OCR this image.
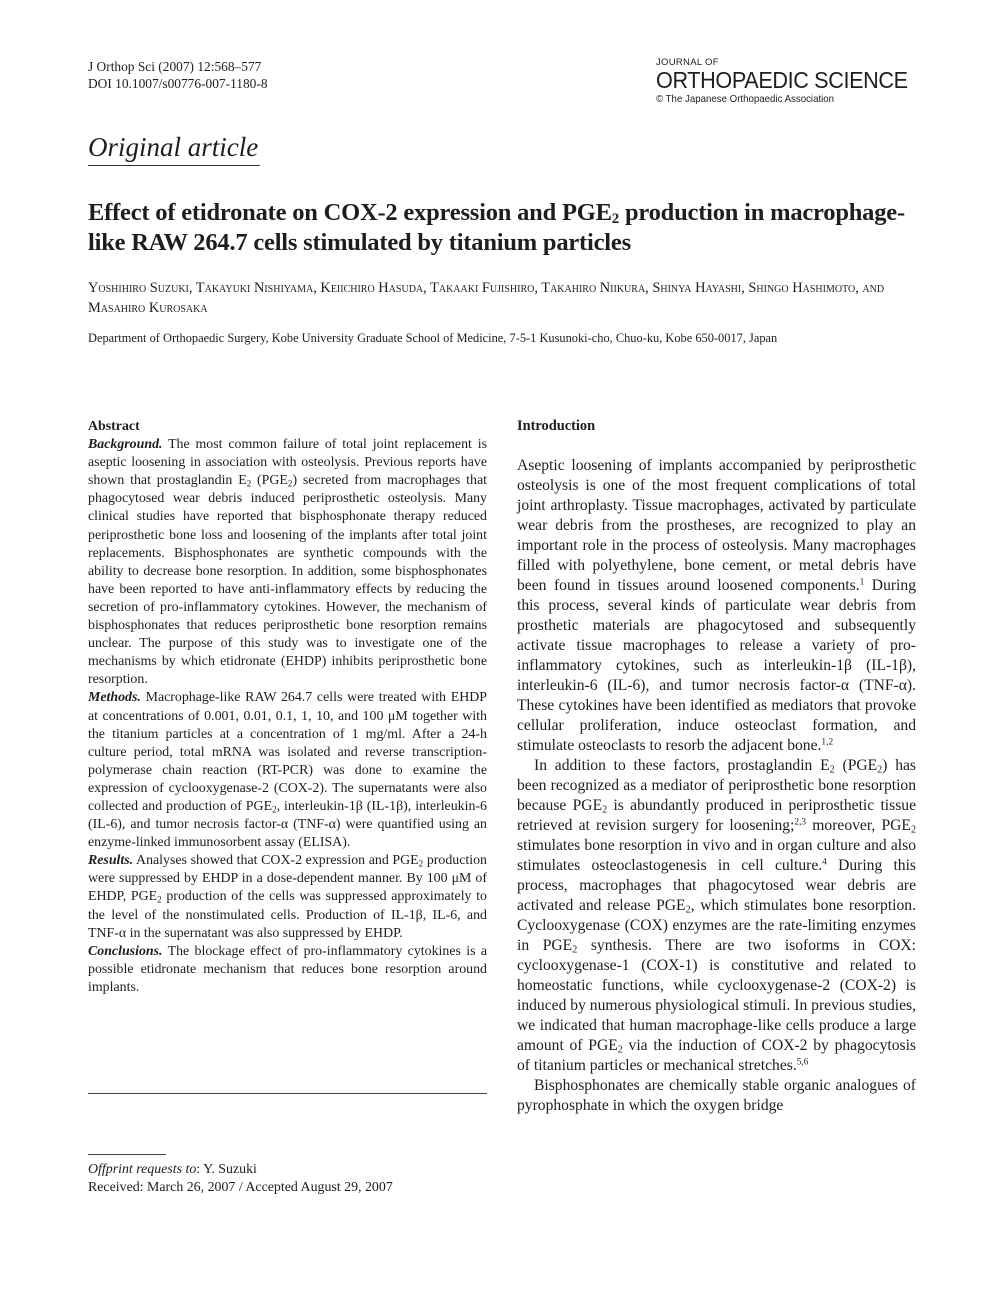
J Orthop Sci (2007) 12:568–577
DOI 10.1007/s00776-007-1180-8
JOURNAL OF
ORTHOPAEDIC SCIENCE
© The Japanese Orthopaedic Association
Original article
Effect of etidronate on COX-2 expression and $PGE_2$ production in macrophage-like RAW 264.7 cells stimulated by titanium particles
Yoshihiro Suzuki, Takayuki Nishiyama, Keiichiro Hasuda, Takaaki Fujishiro, Takahiro Niikura, Shinya Hayashi, Shingo Hashimoto, and Masahiro Kurosaka
Department of Orthopaedic Surgery, Kobe University Graduate School of Medicine, 7-5-1 Kusunoki-cho, Chuo-ku, Kobe 650-0017, Japan
Abstract

Background. The most common failure of total joint replacement is aseptic loosening in association with osteolysis. Previous reports have shown that prostaglandin $E_2$ $(PGE_2)$ secreted from macrophages that phagocytosed wear debris induced periprosthetic osteolysis. Many clinical studies have reported that bisphosphonate therapy reduced periprosthetic bone loss and loosening of the implants after total joint replacements. Bisphosphonates are synthetic compounds with the ability to decrease bone resorption. In addition, some bisphosphonates have been reported to have anti-inflammatory effects by reducing the secretion of pro-inflammatory cytokines. However, the mechanism of bisphosphonates that reduces periprosthetic bone resorption remains unclear. The purpose of this study was to investigate one of the mechanisms by which etidronate (EHDP) inhibits periprosthetic bone resorption.

Methods. Macrophage-like RAW 264.7 cells were treated with EHDP at concentrations of 0.001, 0.01, 0.1, 1, 10, and 100 μM together with the titanium particles at a concentration of 1 mg/ml. After a 24-h culture period, total mRNA was isolated and reverse transcription-polymerase chain reaction (RT-PCR) was done to examine the expression of cyclooxygenase-2 (COX-2). The supernatants were also collected and production of $PGE_2$, interleukin-1β (IL-1β), interleukin-6 (IL-6), and tumor necrosis factor-α (TNF-α) were quantified using an enzyme-linked immunosorbent assay (ELISA).

Results. Analyses showed that COX-2 expression and $PGE_2$ production were suppressed by EHDP in a dose-dependent manner. By 100 μM of EHDP, $PGE_2$ production of the cells was suppressed approximately to the level of the nonstimulated cells. Production of IL-1β, IL-6, and TNF-α in the supernatant was also suppressed by EHDP.

Conclusions. The blockage effect of pro-inflammatory cytokines is a possible etidronate mechanism that reduces bone resorption around implants.

Offprint requests to: Y. Suzuki
Received: March 26, 2007 / Accepted August 29, 2007
Introduction

Aseptic loosening of implants accompanied by periprosthetic osteolysis is one of the most frequent complications of total joint arthroplasty. Tissue macrophages, activated by particulate wear debris from the prostheses, are recognized to play an important role in the process of osteolysis. Many macrophages filled with polyethylene, bone cement, or metal debris have been found in tissues around loosened components.$^1$ During this process, several kinds of particulate wear debris from prosthetic materials are phagocytosed and subsequently activate tissue macrophages to release a variety of pro-inflammatory cytokines, such as interleukin-1β (IL-1β), interleukin-6 (IL-6), and tumor necrosis factor-α (TNF-α). These cytokines have been identified as mediators that provoke cellular proliferation, induce osteoclast formation, and stimulate osteoclasts to resorb the adjacent bone.$^{1,2}$

In addition to these factors, prostaglandin $E_2$ $(PGE_2)$ has been recognized as a mediator of periprosthetic bone resorption because $PGE_2$ is abundantly produced in periprosthetic tissue retrieved at revision surgery for loosening;$^{2,3}$ moreover, $PGE_2$ stimulates bone resorption in vivo and in organ culture and also stimulates osteoclastogenesis in cell culture.$^4$ During this process, macrophages that phagocytosed wear debris are activated and release $PGE_2$, which stimulates bone resorption. Cyclooxygenase (COX) enzymes are the rate-limiting enzymes in $PGE_2$ synthesis. There are two isoforms in COX: cyclooxygenase-1 (COX-1) is constitutive and related to homeostatic functions, while cyclooxygenase-2 (COX-2) is induced by numerous physiological stimuli. In previous studies, we indicated that human macrophage-like cells produce a large amount of $PGE_2$ via the induction of COX-2 by phagocytosis of titanium particles or mechanical stretches.$^{5,6}$

Bisphosphonates are chemically stable organic analogues of pyrophosphate in which the oxygen bridge
